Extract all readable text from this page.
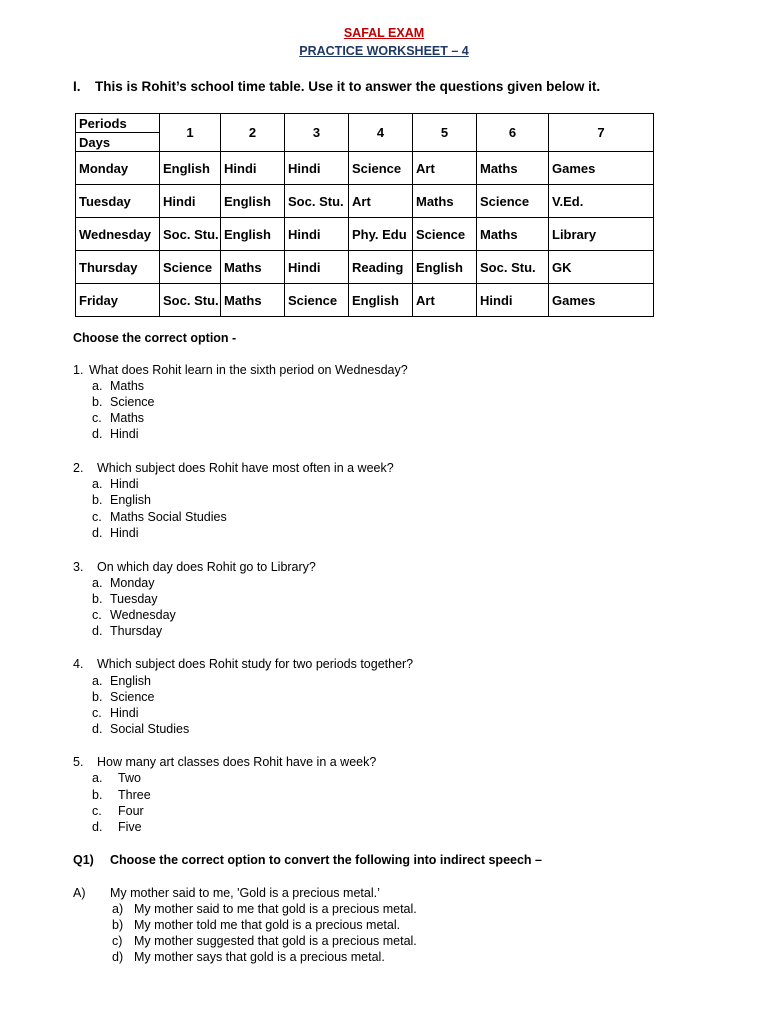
SAFAL EXAM
PRACTICE WORKSHEET – 4
I. This is Rohit’s school time table. Use it to answer the questions given below it.
Periods	1	2	3	4	5	6	7
Days							
Monday	English	Hindi	Hindi	Science	Art	Maths	Games
Tuesday	Hindi	English	Soc. Stu.	Art	Maths	Science	V.Ed.
Wednesday	Soc. Stu.	English	Hindi	Phy. Edu	Science	Maths	Library
Thursday	Science	Maths	Hindi	Reading	English	Soc. Stu.	GK
Friday	Soc. Stu.	Maths	Science	English	Art	Hindi	Games
Choose the correct option -
1. What does Rohit learn in the sixth period on Wednesday?
a. Maths
b. Science
c. Maths
d. Hindi
2. Which subject does Rohit have most often in a week?
a. Hindi
b. English
c. Maths Social Studies
d. Hindi
3. On which day does Rohit go to Library?
a. Monday
b. Tuesday
c. Wednesday
d. Thursday
4. Which subject does Rohit study for two periods together?
a. English
b. Science
c. Hindi
d. Social Studies
5. How many art classes does Rohit have in a week?
a. Two
b. Three
c. Four
d. Five
Q1) Choose the correct option to convert the following into indirect speech –
A) My mother said to me, 'Gold is a precious metal.’
a) My mother said to me that gold is a precious metal.
b) My mother told me that gold is a precious metal.
c) My mother suggested that gold is a precious metal.
d) My mother says that gold is a precious metal.
